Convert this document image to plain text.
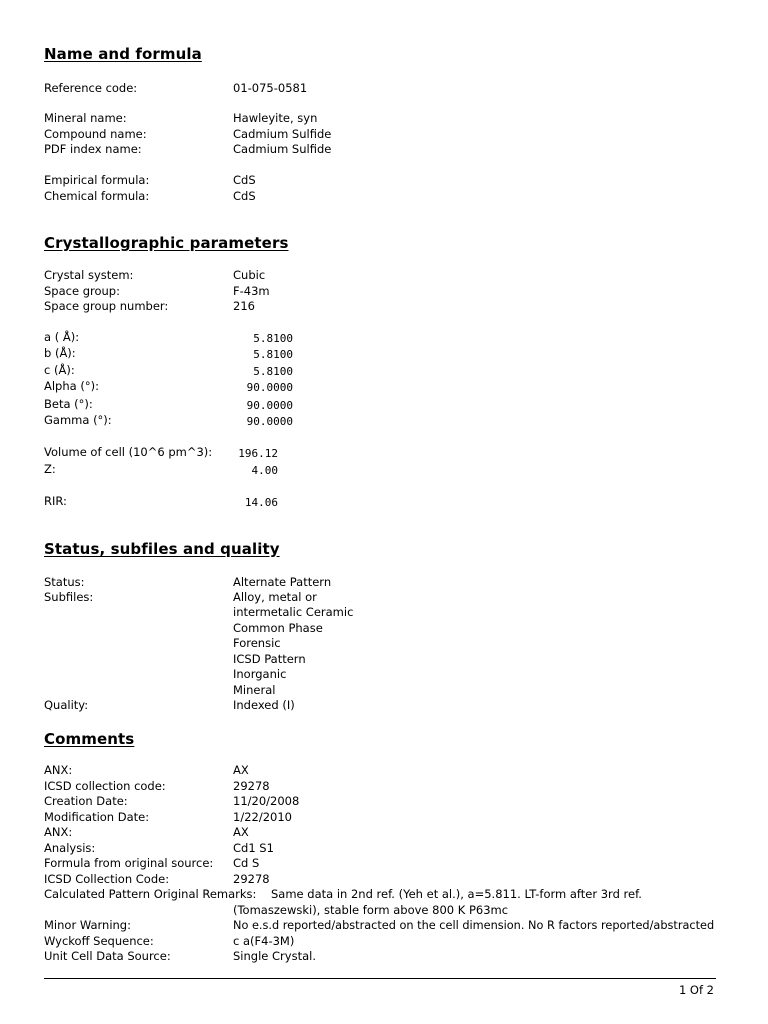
Name and formula
Reference code:	01-075-0581
Mineral name:	Hawleyite, syn
Compound name:	Cadmium Sulfide
PDF index name:	Cadmium Sulfide
Empirical formula:	CdS
Chemical formula:	CdS
Crystallographic parameters
Crystal system:	Cubic
Space group:	F-43m
Space group number:	216
a ( Å):	5.8100
b (Å):	5.8100
c (Å):	5.8100
Alpha (°):	90.0000
Beta (°):	90.0000
Gamma (°):	90.0000
Volume of cell (10^6 pm^3):	196.12
Z:	4.00
RIR:	14.06
Status, subfiles and quality
Status:	Alternate Pattern
Subfiles:	Alloy, metal or
intermetalic Ceramic
Common Phase
Forensic
ICSD Pattern
Inorganic
Mineral
Quality:	Indexed (I)
Comments
ANX:	AX
ICSD collection code:	29278
Creation Date:	11/20/2008
Modification Date:	1/22/2010
ANX:	AX
Analysis:	Cd1 S1
Formula from original source: Cd S
ICSD Collection Code:	29278
Calculated Pattern Original Remarks: Same data in 2nd ref. (Yeh et al.), a=5.811. LT-form after 3rd ref.
(Tomaszewski), stable form above 800 K P63mc
Minor Warning:	No e.s.d reported/abstracted on the cell dimension. No R factors reported/abstracted
Wyckoff Sequence:	c a(F4-3M)
Unit Cell Data Source:	Single Crystal.
1 Of 2
